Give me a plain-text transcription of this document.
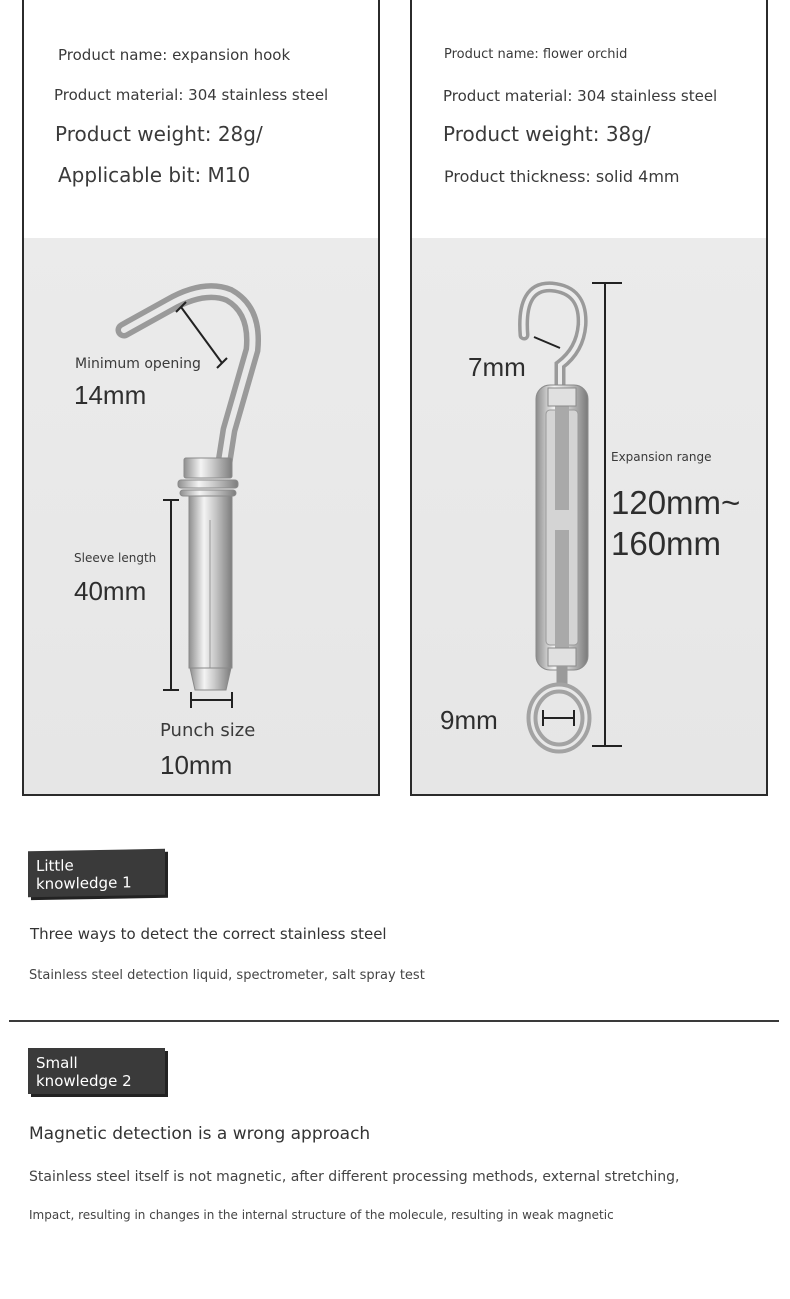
Product name: expansion hook
Product material: 304 stainless steel
Product weight: 28g/
Applicable bit: M10
Minimum opening
14mm
Sleeve length
40mm
Punch size
10mm
Product name: flower orchid
Product material: 304 stainless steel
Product weight: 38g/
Product thickness: solid 4mm
7mm
Expansion range
120mm~
160mm
9mm
Little
knowledge 1
Three ways to detect the correct stainless steel
Stainless steel detection liquid, spectrometer, salt spray test
Small
knowledge 2
Magnetic detection is a wrong approach
Stainless steel itself is not magnetic, after different processing methods, external stretching,
Impact, resulting in changes in the internal structure of the molecule, resulting in weak magnetic
